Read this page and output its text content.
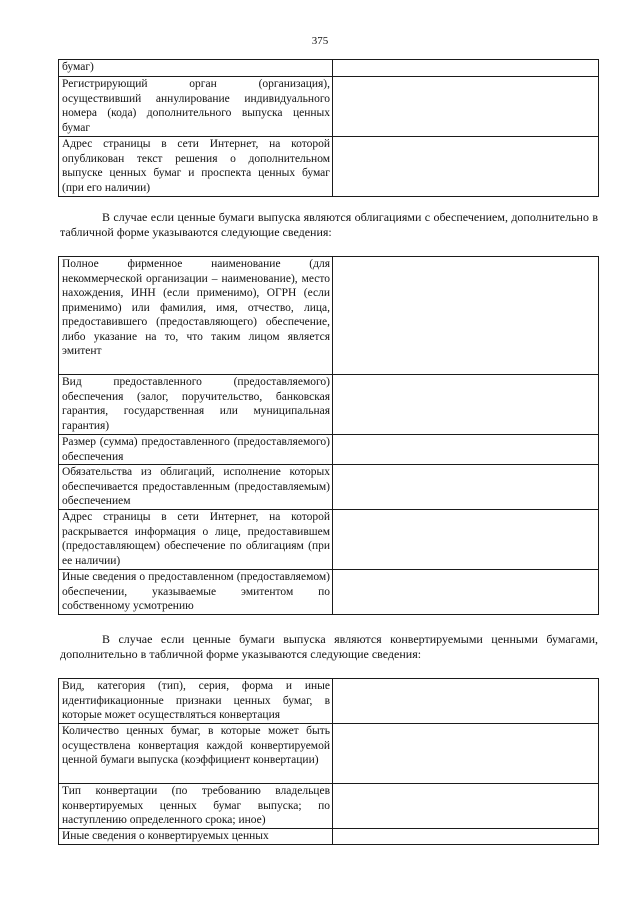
375
бумаг)	
Регистрирующий орган (организация), осуществивший аннулирование индивидуального номера (кода) дополнительного выпуска ценных бумаг	
Адрес страницы в сети Интернет, на которой опубликован текст решения о дополнительном выпуске ценных бумаг и проспекта ценных бумаг (при его наличии)	
В случае если ценные бумаги выпуска являются облигациями с обеспечением, дополнительно в табличной форме указываются следующие сведения:
Полное фирменное наименование (для некоммерческой организации – наименование), место нахождения, ИНН (если применимо), ОГРН (если применимо) или фамилия, имя, отчество, лица, предоставившего (предоставляющего) обеспечение, либо указание на то, что таким лицом является эмитент	
Вид предоставленного (предоставляемого) обеспечения (залог, поручительство, банковская гарантия, государственная или муниципальная гарантия)	
Размер (сумма) предоставленного (предоставляемого) обеспечения	
Обязательства из облигаций, исполнение которых обеспечивается предоставленным (предоставляемым) обеспечением	
Адрес страницы в сети Интернет, на которой раскрывается информация о лице, предоставившем (предоставляющем) обеспечение по облигациям (при ее наличии)	
Иные сведения о предоставленном (предоставляемом) обеспечении, указываемые эмитентом по собственному усмотрению	
В случае если ценные бумаги выпуска являются конвертируемыми ценными бумагами, дополнительно в табличной форме указываются следующие сведения:
Вид, категория (тип), серия, форма и иные идентификационные признаки ценных бумаг, в которые может осуществляться конвертация	
Количество ценных бумаг, в которые может быть осуществлена конвертация каждой конвертируемой ценной бумаги выпуска (коэффициент конвертации)	
Тип конвертации (по требованию владельцев конвертируемых ценных бумаг выпуска; по наступлению определенного срока; иное)	
Иные сведения о конвертируемых ценных	
